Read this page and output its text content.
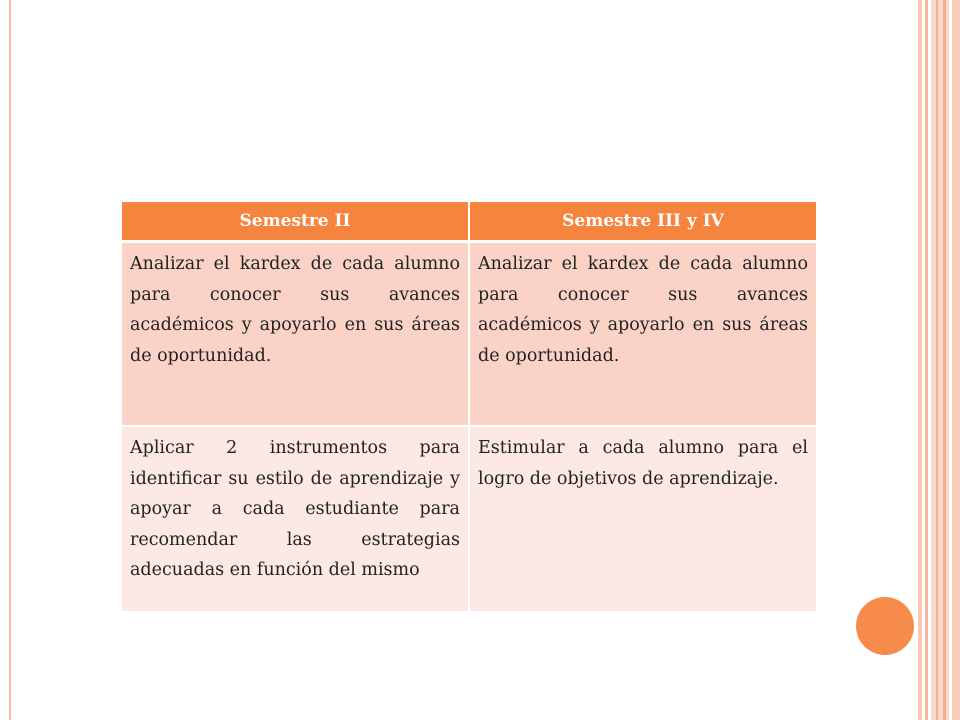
Semestre II	Semestre III y IV
Analizar el kardex de cada alumno para conocer sus avances académicos y apoyarlo en sus áreas de oportunidad.	Analizar el kardex de cada alumno para conocer sus avances académicos y apoyarlo en sus áreas de oportunidad.
Aplicar 2 instrumentos para identificar su estilo de aprendizaje y apoyar a cada estudiante para recomendar las estrategias adecuadas en función del mismo	Estimular a cada alumno para el logro de objetivos de aprendizaje.
